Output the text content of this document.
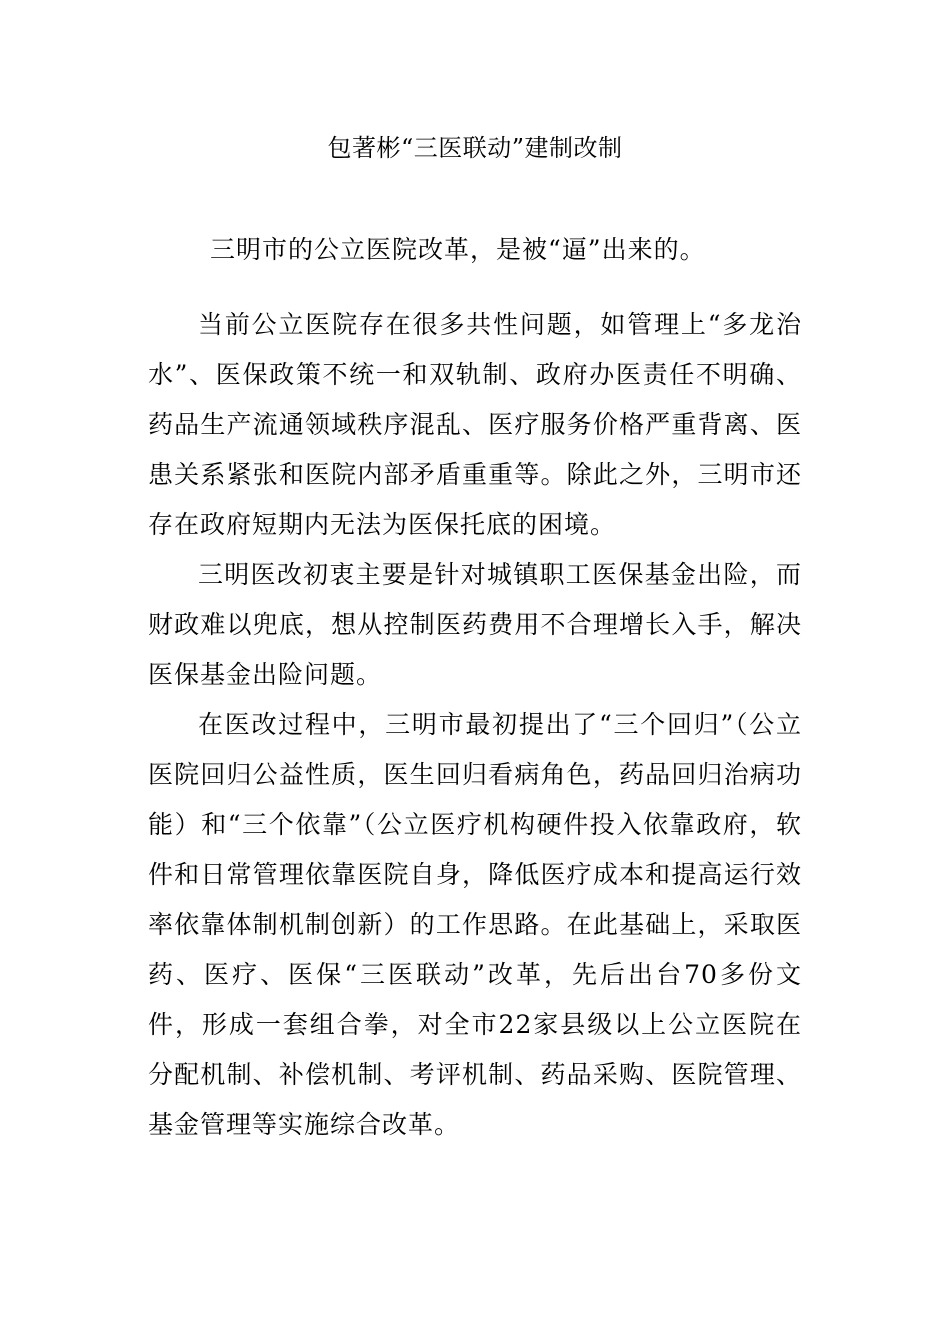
包著彬“三医联动”建制改制
三明市的公立医院改革，是被“逼”出来的。

当前公立医院存在很多共性问题，如管理上“多龙治水”、医保政策不统一和双轨制、政府办医责任不明确、药品生产流通领域秩序混乱、医疗服务价格严重背离、医患关系紧张和医院内部矛盾重重等。除此之外，三明市还存在政府短期内无法为医保托底的困境。

三明医改初衷主要是针对城镇职工医保基金出险，而财政难以兜底，想从控制医药费用不合理增长入手，解决医保基金出险问题。

在医改过程中，三明市最初提出了“三个回归”（公立医院回归公益性质，医生回归看病角色，药品回归治病功能）和“三个依靠”（公立医疗机构硬件投入依靠政府，软件和日常管理依靠医院自身，降低医疗成本和提高运行效率依靠体制机制创新）的工作思路。在此基础上，采取医药、医疗、医保“三医联动”改革，先后出台70多份文件，形成一套组合拳，对全市22家县级以上公立医院在分配机制、补偿机制、考评机制、药品采购、医院管理、基金管理等实施综合改革。
